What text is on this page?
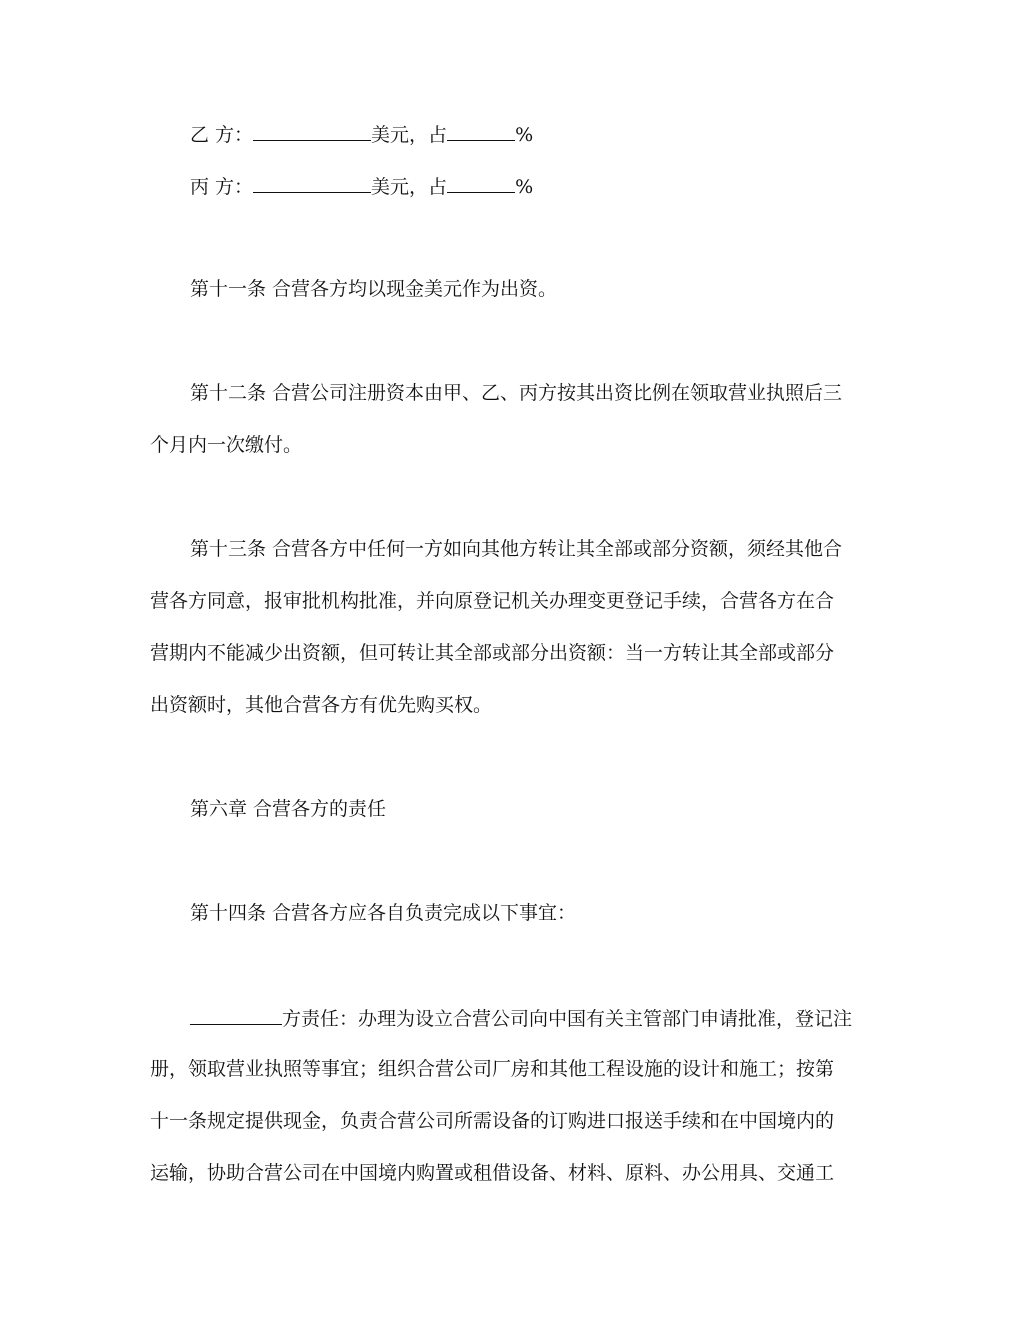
乙 方：	美元，占	%
丙 方：	美元，占	%
第十一条 合营各方均以现金美元作为出资。
第十二条 合营公司注册资本由甲、乙、丙方按其出资比例在领取营业执照后三
个月内一次缴付。
第十三条 合营各方中任何一方如向其他方转让其全部或部分资额，须经其他合
营各方同意，报审批机构批准，并向原登记机关办理变更登记手续，合营各方在合
营期内不能减少出资额，但可转让其全部或部分出资额：当一方转让其全部或部分
出资额时，其他合营各方有优先购买权。
第六章 合营各方的责任
第十四条 合营各方应各自负责完成以下事宜：
方责任：办理为设立合营公司向中国有关主管部门申请批准，登记注
册，领取营业执照等事宜；组织合营公司厂房和其他工程设施的设计和施工；按第
十一条规定提供现金，负责合营公司所需设备的订购进口报送手续和在中国境内的
运输，协助合营公司在中国境内购置或租借设备、材料、原料、办公用具、交通工
